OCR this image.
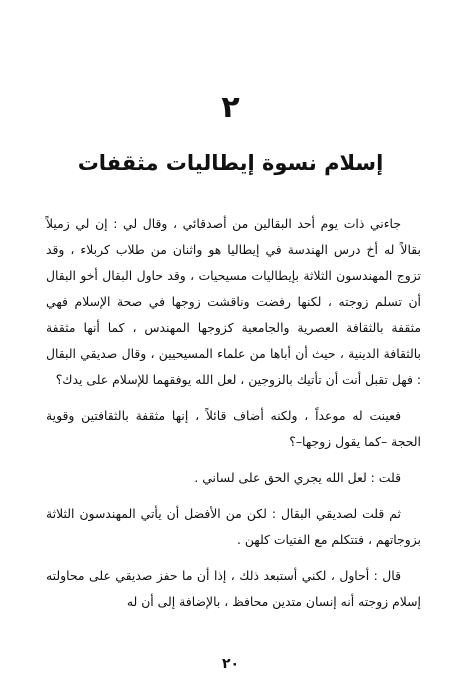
٢
إسلام نسوة إيطاليات مثقفات

جاءني ذات يوم أحد البقالين من أصدقائي ، وقال لي : إن لي زميلاً بقالاً له أخ درس الهندسة في إيطاليا هو واثنان من طلاب كربلاء ، وقد تزوج المهندسون الثلاثة بإيطاليات مسيحيات ، وقد حاول البقال أخو البقال أن تسلم زوجته ، لكنها رفضت وناقشت زوجها في صحة الإسلام فهي مثقفة بالثقافة العصرية والجامعية كزوجها المهندس ، كما أنها مثقفة بالثقافة الدينية ، حيث أن أباها من علماء المسيحيين ، وقال صديقي البقال : فهل تقبل أنت أن تأتيك بالزوجين ، لعل الله يوفقهما للإسلام على يدك؟

فعينت له موعداً ، ولكنه أضاف قائلاً ، إنها مثقفة بالثقافتين وقوية الحجة –كما يقول زوجها–؟

قلت : لعل الله يجري الحق على لساني .

ثم قلت لصديقي البقال : لكن من الأفضل أن يأتي المهندسون الثلاثة بزوجاتهم ، فتتكلم مع الفتيات كلهن .

قال : أحاول ، لكني أستبعد ذلك ، إذا أن ما حفز صديقي على محاولته إسلام زوجته أنه إنسان متدين محافظ ، بالإضافة إلى أن له

٢٠
